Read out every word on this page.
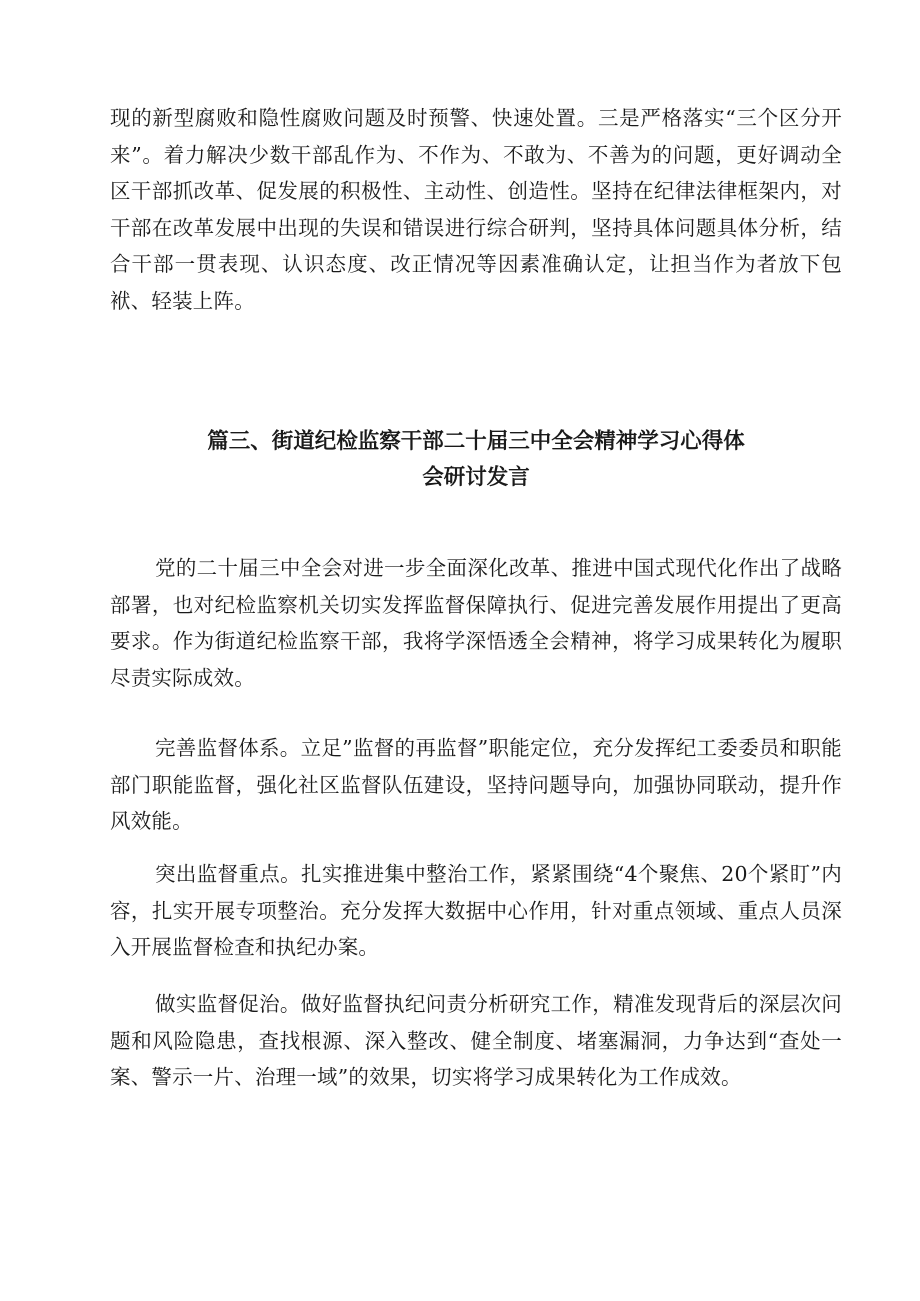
现的新型腐败和隐性腐败问题及时预警、快速处置。三是严格落实“三个区分开来”。着力解决少数干部乱作为、不作为、不敢为、不善为的问题，更好调动全区干部抓改革、促发展的积极性、主动性、创造性。坚持在纪律法律框架内，对干部在改革发展中出现的失误和错误进行综合研判，坚持具体问题具体分析，结合干部一贯表现、认识态度、改正情况等因素准确认定，让担当作为者放下包袱、轻装上阵。

篇三、街道纪检监察干部二十届三中全会精神学习心得体
会研讨发言

党的二十届三中全会对进一步全面深化改革、推进中国式现代化作出了战略部署，也对纪检监察机关切实发挥监督保障执行、促进完善发展作用提出了更高要求。作为街道纪检监察干部，我将学深悟透全会精神，将学习成果转化为履职尽责实际成效。

完善监督体系。立足”监督的再监督”职能定位，充分发挥纪工委委员和职能部门职能监督，强化社区监督队伍建设，坚持问题导向，加强协同联动，提升作风效能。

突出监督重点。扎实推进集中整治工作，紧紧围绕“4个聚焦、20个紧盯”内容，扎实开展专项整治。充分发挥大数据中心作用，针对重点领域、重点人员深入开展监督检查和执纪办案。

做实监督促治。做好监督执纪问责分析研究工作，精准发现背后的深层次问题和风险隐患，查找根源、深入整改、健全制度、堵塞漏洞，力争达到“查处一案、警示一片、治理一域”的效果，切实将学习成果转化为工作成效。
